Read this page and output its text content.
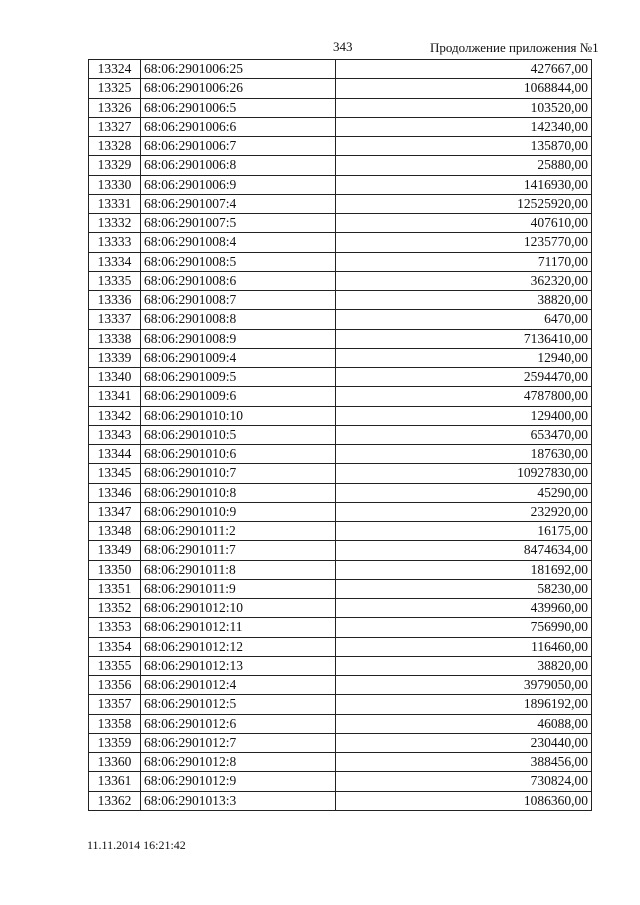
343	Продолжение приложения №1
13324	68:06:2901006:25	427667,00
13325	68:06:2901006:26	1068844,00
13326	68:06:2901006:5	103520,00
13327	68:06:2901006:6	142340,00
13328	68:06:2901006:7	135870,00
13329	68:06:2901006:8	25880,00
13330	68:06:2901006:9	1416930,00
13331	68:06:2901007:4	12525920,00
13332	68:06:2901007:5	407610,00
13333	68:06:2901008:4	1235770,00
13334	68:06:2901008:5	71170,00
13335	68:06:2901008:6	362320,00
13336	68:06:2901008:7	38820,00
13337	68:06:2901008:8	6470,00
13338	68:06:2901008:9	7136410,00
13339	68:06:2901009:4	12940,00
13340	68:06:2901009:5	2594470,00
13341	68:06:2901009:6	4787800,00
13342	68:06:2901010:10	129400,00
13343	68:06:2901010:5	653470,00
13344	68:06:2901010:6	187630,00
13345	68:06:2901010:7	10927830,00
13346	68:06:2901010:8	45290,00
13347	68:06:2901010:9	232920,00
13348	68:06:2901011:2	16175,00
13349	68:06:2901011:7	8474634,00
13350	68:06:2901011:8	181692,00
13351	68:06:2901011:9	58230,00
13352	68:06:2901012:10	439960,00
13353	68:06:2901012:11	756990,00
13354	68:06:2901012:12	116460,00
13355	68:06:2901012:13	38820,00
13356	68:06:2901012:4	3979050,00
13357	68:06:2901012:5	1896192,00
13358	68:06:2901012:6	46088,00
13359	68:06:2901012:7	230440,00
13360	68:06:2901012:8	388456,00
13361	68:06:2901012:9	730824,00
13362	68:06:2901013:3	1086360,00
11.11.2014 16:21:42
